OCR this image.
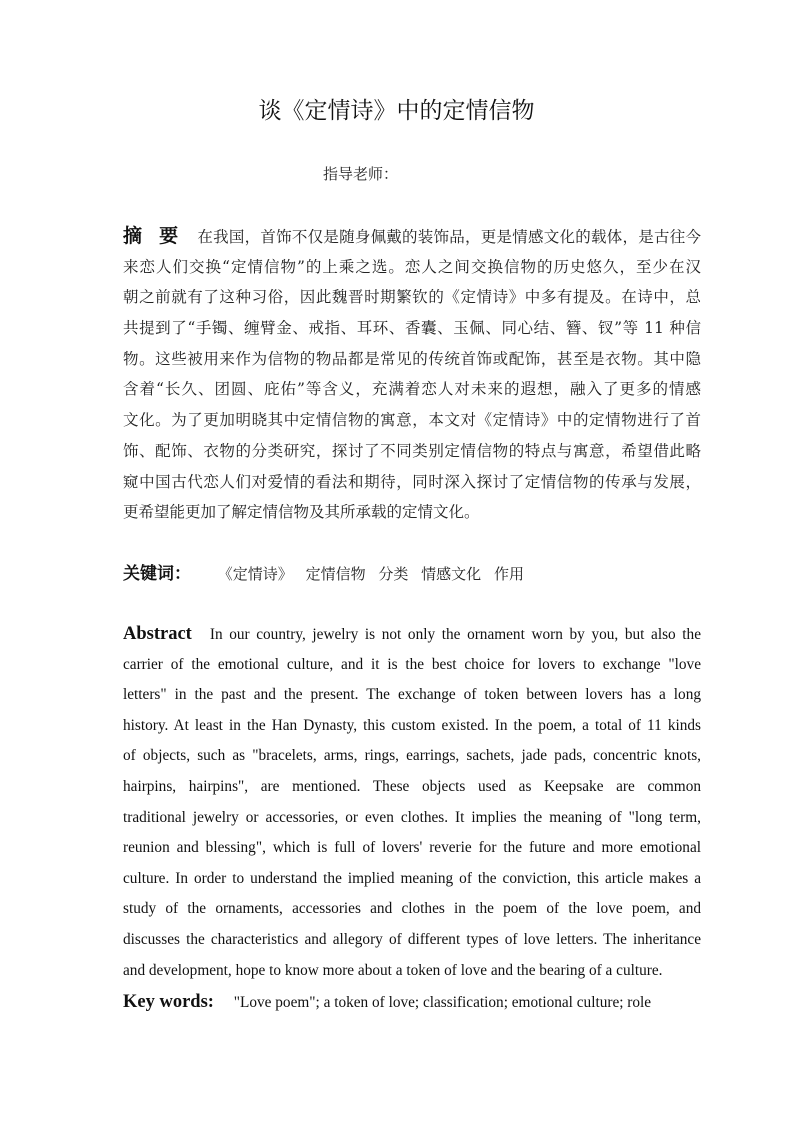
谈《定情诗》中的定情信物
指导老师：
摘 要 在我国，首饰不仅是随身佩戴的装饰品，更是情感文化的载体，是古往今
来恋人们交换“定情信物”的上乘之选。恋人之间交换信物的历史悠久，至少在汉
朝之前就有了这种习俗，因此魏晋时期繁钦的《定情诗》中多有提及。在诗中，总
共提到了“手镯、缠臂金、戒指、耳环、香囊、玉佩、同心结、簪、钗”等 11 种信
物。这些被用来作为信物的物品都是常见的传统首饰或配饰，甚至是衣物。其中隐
含着“长久、团圆、庇佑”等含义，充满着恋人对未来的遐想，融入了更多的情感
文化。为了更加明晓其中定情信物的寓意，本文对《定情诗》中的定情物进行了首
饰、配饰、衣物的分类研究，探讨了不同类别定情信物的特点与寓意，希望借此略
窥中国古代恋人们对爱情的看法和期待，同时深入探讨了定情信物的传承与发展，
更希望能更加了解定情信物及其所承载的定情文化。
关键词： 《定情诗》 定情信物 分类 情感文化 作用
Abstract In our country, jewelry is not only the ornament worn by you, but also the
carrier of the emotional culture, and it is the best choice for lovers to exchange "love
letters" in the past and the present. The exchange of token between lovers has a long
history. At least in the Han Dynasty, this custom existed. In the poem, a total of 11 kinds
of objects, such as "bracelets, arms, rings, earrings, sachets, jade pads, concentric knots,
hairpins, hairpins", are mentioned. These objects used as Keepsake are common
traditional jewelry or accessories, or even clothes. It implies the meaning of "long term,
reunion and blessing", which is full of lovers' reverie for the future and more emotional
culture. In order to understand the implied meaning of the conviction, this article makes a
study of the ornaments, accessories and clothes in the poem of the love poem, and
discusses the characteristics and allegory of different types of love letters. The inheritance
and development, hope to know more about a token of love and the bearing of a culture.
Key words: "Love poem"; a token of love; classification; emotional culture; role
